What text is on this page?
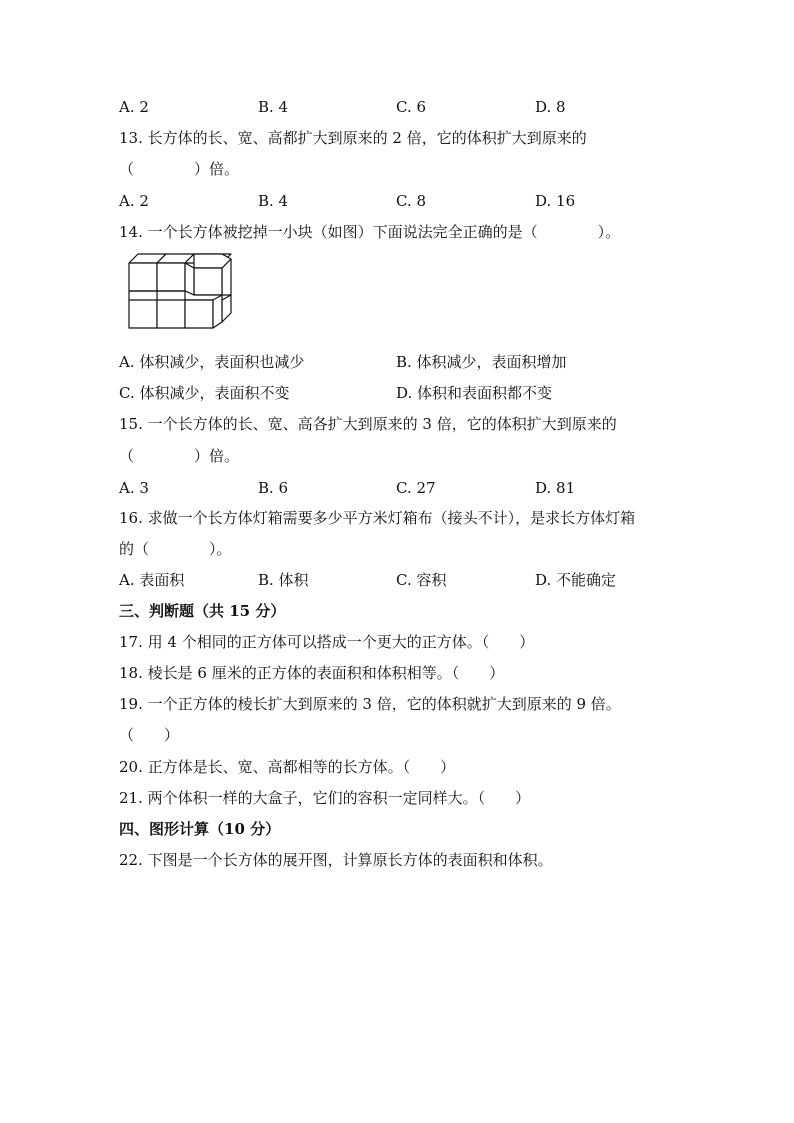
A. 2	B. 4	C. 6	D. 8
13. 长方体的长、宽、高都扩大到原来的 2 倍，它的体积扩大到原来的
（　　　　）倍。
A. 2	B. 4	C. 8	D. 16
14. 一个长方体被挖掉一小块（如图）下面说法完全正确的是（　　　　）。
A. 体积减少，表面积也减少	B. 体积减少，表面积增加
C. 体积减少，表面积不变	D. 体积和表面积都不变
15. 一个长方体的长、宽、高各扩大到原来的 3 倍，它的体积扩大到原来的
（　　　　）倍。
A. 3	B. 6	C. 27	D. 81
16. 求做一个长方体灯箱需要多少平方米灯箱布（接头不计），是求长方体灯箱
的（　　　　）。
A. 表面积	B. 体积	C. 容积	D. 不能确定
三、判断题（共 15 分）
17. 用 4 个相同的正方体可以搭成一个更大的正方体。（　　）
18. 棱长是 6 厘米的正方体的表面积和体积相等。（　　）
19. 一个正方体的棱长扩大到原来的 3 倍，它的体积就扩大到原来的 9 倍。
（　　）
20. 正方体是长、宽、高都相等的长方体。（　　）
21. 两个体积一样的大盒子，它们的容积一定同样大。（　　）
四、图形计算（10 分）
22. 下图是一个长方体的展开图，计算原长方体的表面积和体积。
